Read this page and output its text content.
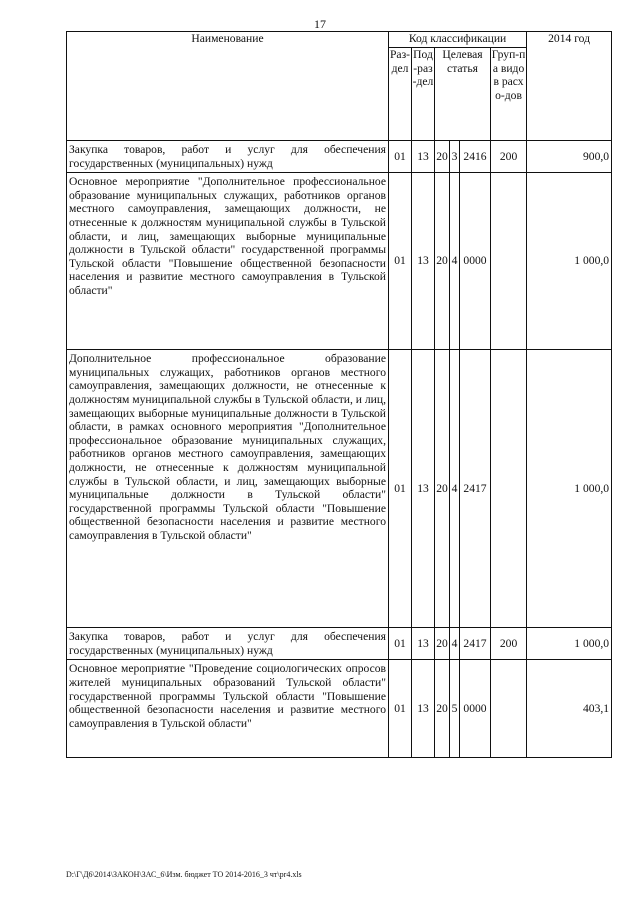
17
Наименование	Код классификации						2014 год
	Раз-дел	Под-раз-дел	Целевая статья			Груп-па видов расхо-дов	
Закупка товаров, работ и услуг для обеспечения государственных (муниципальных) нужд	01	13	20	3	2416	200	900,0
Основное мероприятие "Дополнительное профессиональное образование муниципальных служащих, работников органов местного самоуправления, замещающих должности, не отнесенные к должностям муниципальной службы в Тульской области, и лиц, замещающих выборные муниципальные должности в Тульской области" государственной программы Тульской области "Повышение общественной безопасности населения и развитие местного самоуправления в Тульской области"	01	13	20	4	0000		1 000,0
Дополнительное профессиональное образование муниципальных служащих, работников органов местного самоуправления, замещающих должности, не отнесенные к должностям муниципальной службы в Тульской области, и лиц, замещающих выборные муниципальные должности в Тульской области, в рамках основного мероприятия "Дополнительное профессиональное образование муниципальных служащих, работников органов местного самоуправления, замещающих должности, не отнесенные к должностям муниципальной службы в Тульской области, и лиц, замещающих выборные муниципальные должности в Тульской области" государственной программы Тульской области "Повышение общественной безопасности населения и развитие местного самоуправления в Тульской области"	01	13	20	4	2417		1 000,0
Закупка товаров, работ и услуг для обеспечения государственных (муниципальных) нужд	01	13	20	4	2417	200	1 000,0
Основное мероприятие "Проведение социологических опросов жителей муниципальных образований Тульской области" государственной программы Тульской области "Повышение общественной безопасности населения и развитие местного самоуправления в Тульской области"	01	13	20	5	0000		403,1
D:\Г\Д6\2014\ЗАКОН\ЗАС_6\Изм. бюджет ТО 2014-2016_3 чт\pr4.xls
